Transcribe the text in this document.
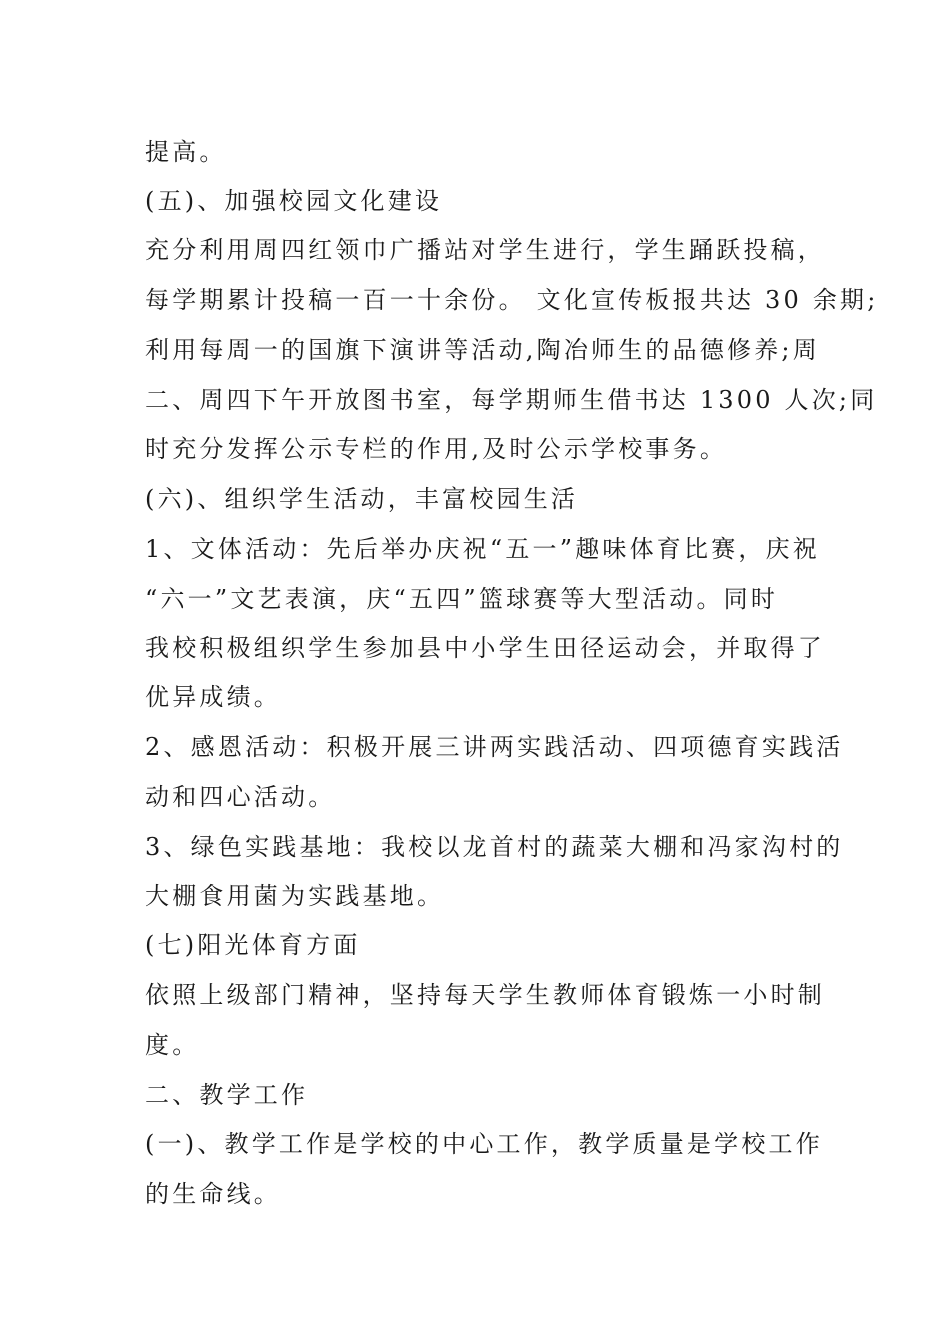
提高。
(五)、加强校园文化建设
充分利用周四红领巾广播站对学生进行，学生踊跃投稿，
每学期累计投稿一百一十余份。 文化宣传板报共达 30 余期;
利用每周一的国旗下演讲等活动,陶冶师生的品德修养;周
二、周四下午开放图书室，每学期师生借书达 1300 人次;同
时充分发挥公示专栏的作用,及时公示学校事务。
(六)、组织学生活动，丰富校园生活
1、文体活动：先后举办庆祝“五一”趣味体育比赛，庆祝
“六一”文艺表演，庆“五四”篮球赛等大型活动。同时
我校积极组织学生参加县中小学生田径运动会，并取得了
优异成绩。
2、感恩活动：积极开展三讲两实践活动、四项德育实践活
动和四心活动。
3、绿色实践基地：我校以龙首村的蔬菜大棚和冯家沟村的
大棚食用菌为实践基地。
(七)阳光体育方面
依照上级部门精神，坚持每天学生教师体育锻炼一小时制
度。
二、教学工作
(一)、教学工作是学校的中心工作，教学质量是学校工作
的生命线。
